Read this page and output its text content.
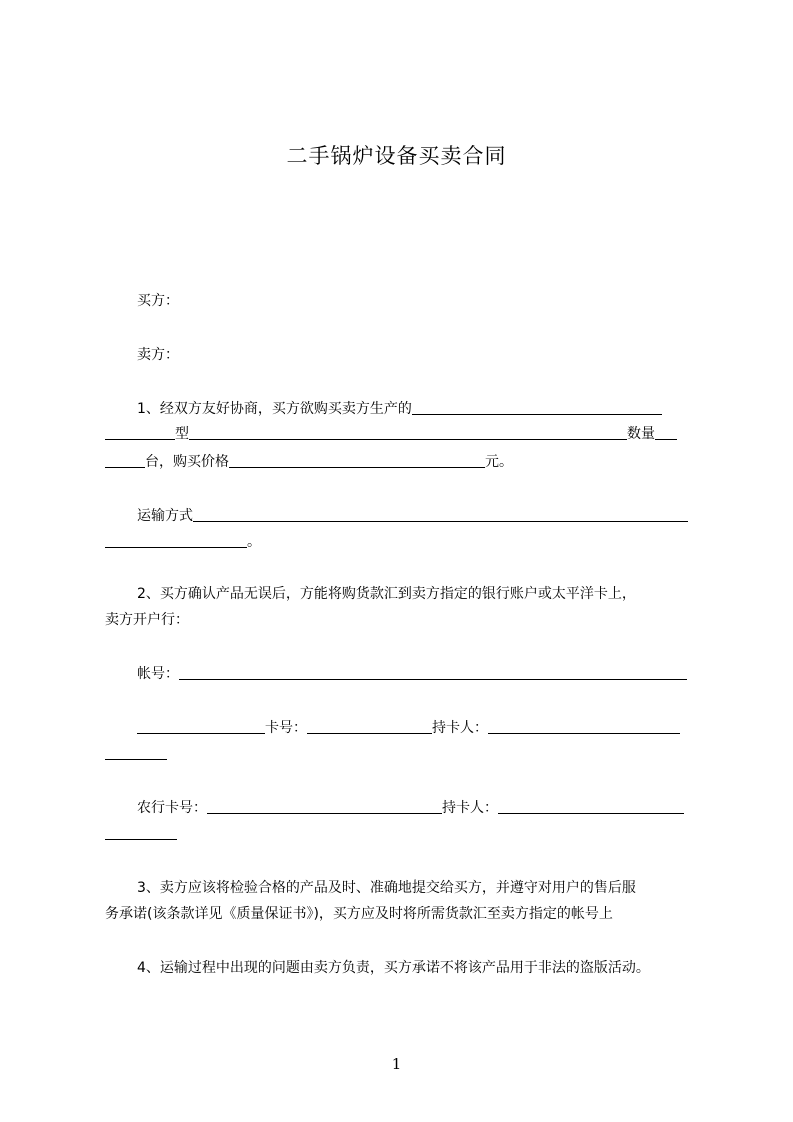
二手锅炉设备买卖合同
买方：
卖方：
1、经双方友好协商，买方欲购买卖方生产的
型	数量
台，购买价格	元。
运输方式
。
2、买方确认产品无误后，方能将购货款汇到卖方指定的银行账户或太平洋卡上，
卖方开户行：
帐号：
卡号：	持卡人：
农行卡号：	持卡人：
3、卖方应该将检验合格的产品及时、准确地提交给买方，并遵守对用户的售后服
务承诺(该条款详见《质量保证书》)，买方应及时将所需货款汇至卖方指定的帐号上
4、运输过程中出现的问题由卖方负责，买方承诺不将该产品用于非法的盗版活动。
1
